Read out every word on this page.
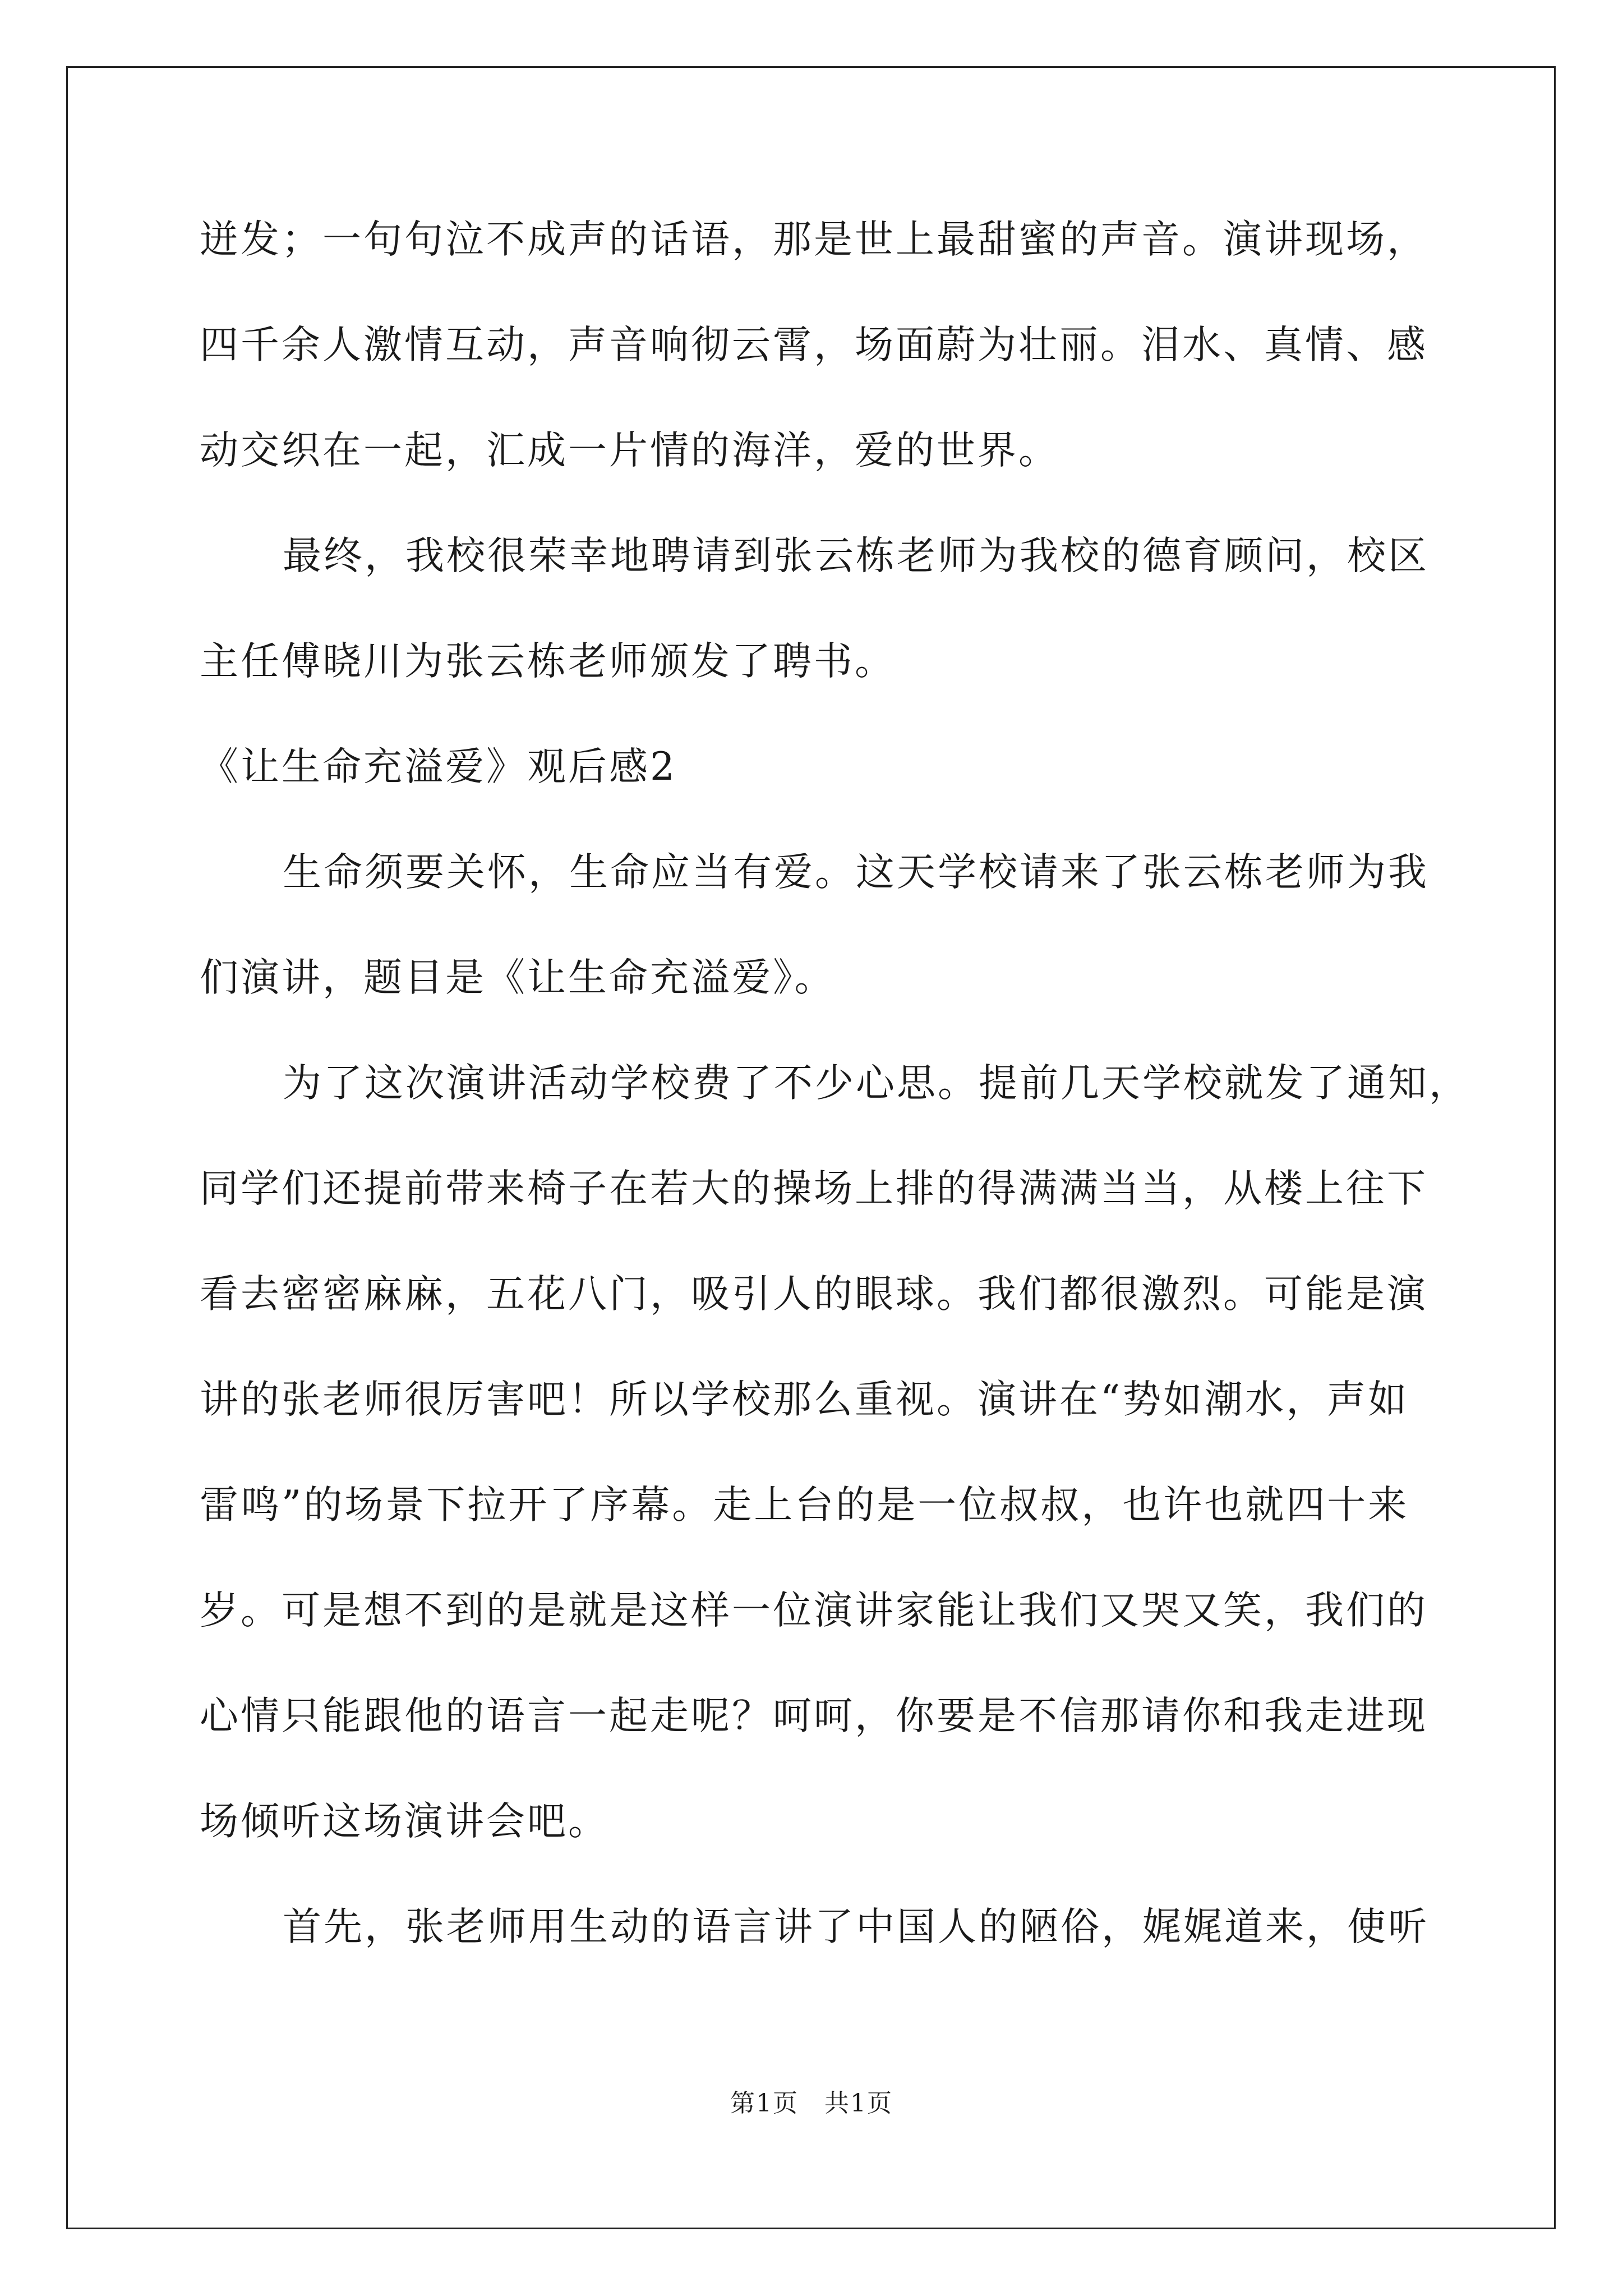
迸发；一句句泣不成声的话语，那是世上最甜蜜的声音。演讲现场，
四千余人激情互动，声音响彻云霄，场面蔚为壮丽。泪水、真情、感
动交织在一起，汇成一片情的海洋，爱的世界。
最终，我校很荣幸地聘请到张云栋老师为我校的德育顾问，校区
主任傅晓川为张云栋老师颁发了聘书。
《让生命充溢爱》观后感2
生命须要关怀，生命应当有爱。这天学校请来了张云栋老师为我
们演讲，题目是《让生命充溢爱》。
为了这次演讲活动学校费了不少心思。提前几天学校就发了通知，
同学们还提前带来椅子在若大的操场上排的得满满当当，从楼上往下
看去密密麻麻，五花八门，吸引人的眼球。我们都很激烈。可能是演
讲的张老师很厉害吧！所以学校那么重视。演讲在“势如潮水，声如
雷鸣”的场景下拉开了序幕。走上台的是一位叔叔，也许也就四十来
岁。可是想不到的是就是这样一位演讲家能让我们又哭又笑，我们的
心情只能跟他的语言一起走呢？呵呵，你要是不信那请你和我走进现
场倾听这场演讲会吧。
首先，张老师用生动的语言讲了中国人的陋俗，娓娓道来，使听
第1页　共1页
